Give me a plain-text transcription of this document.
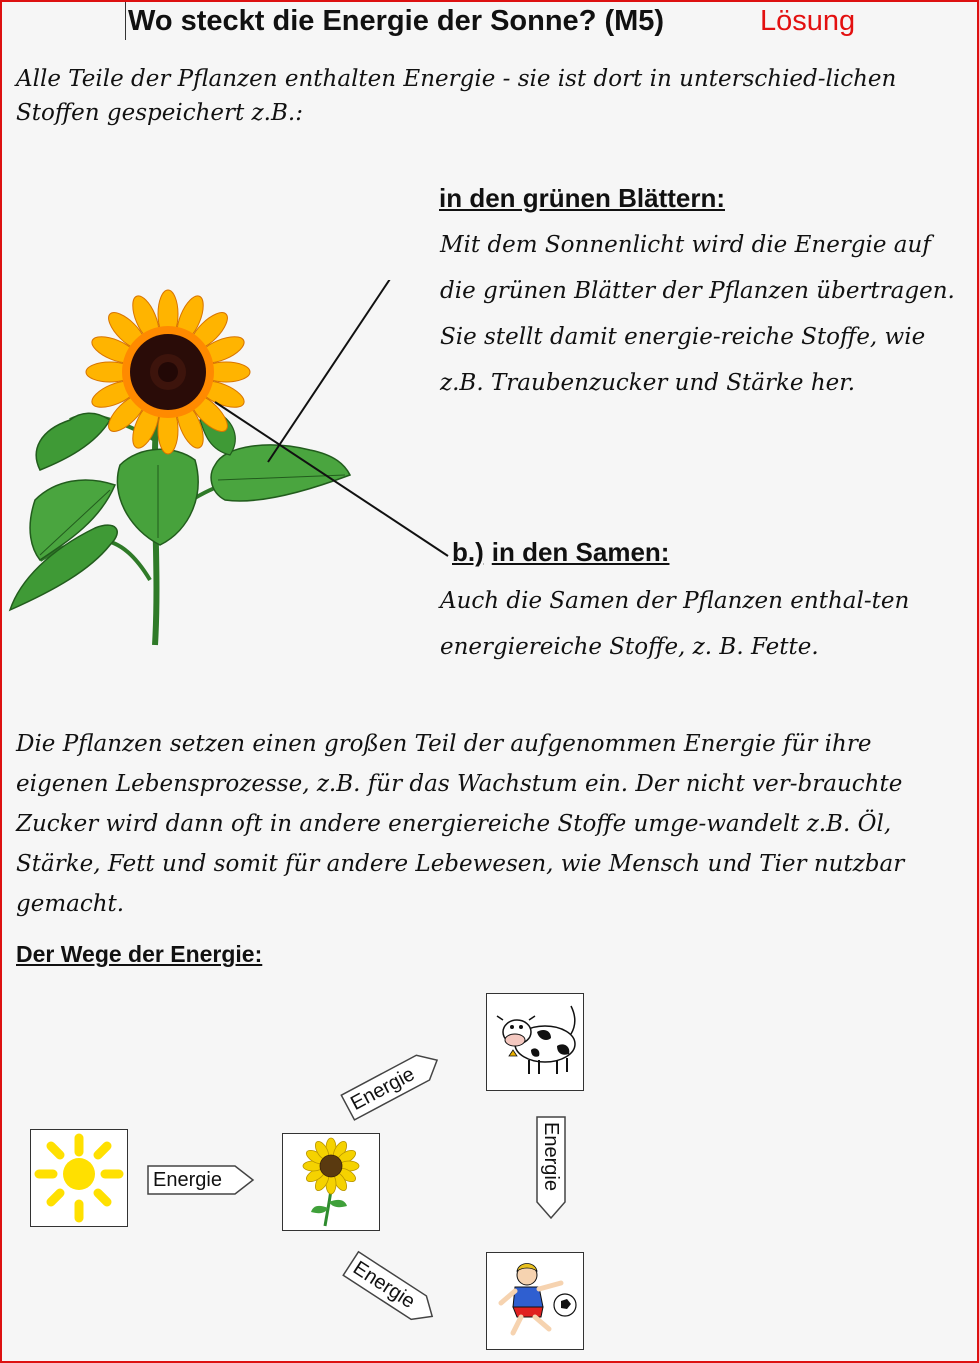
Wo steckt die Energie der Sonne? (M5)	Lösung
Alle Teile der Pflanzen enthalten Energie - sie ist dort in unterschied-lichen Stoffen gespeichert z.B.:
in den grünen Blättern:
Mit dem Sonnenlicht wird die Energie auf die grünen Blätter der Pflanzen übertragen. Sie stellt damit energie-reiche Stoffe, wie z.B. Traubenzucker und Stärke her.
b.) in den Samen:
Auch die Samen der Pflanzen enthal-ten energiereiche Stoffe, z. B. Fette.
Die Pflanzen setzen einen großen Teil der aufgenommen Energie für ihre eigenen Lebensprozesse, z.B. für das Wachstum ein. Der nicht ver-brauchte Zucker wird dann oft in andere energiereiche Stoffe umge-wandelt z.B. Öl, Stärke, Fett und somit für andere Lebewesen, wie Mensch und Tier nutzbar gemacht.
Der Wege der Energie:
Energie
Energie
Energie
Energie
